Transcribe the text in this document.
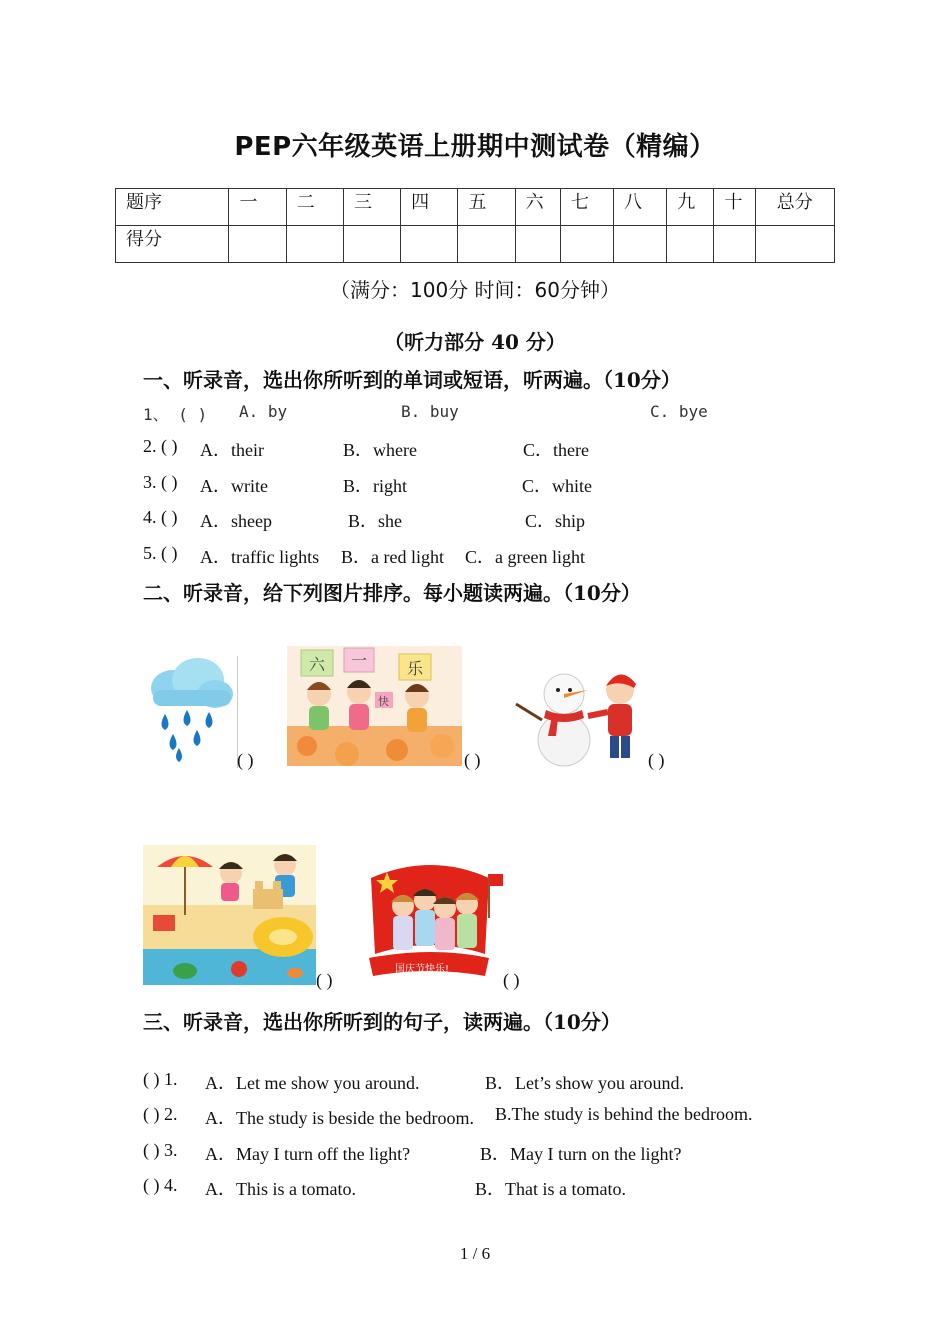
PEP六年级英语上册期中测试卷（精编）
题序	一	二	三	四	五	六	七	八	九	十	总分
得分											
（满分：100分 时间：60分钟）
（听力部分 40 分）
一、听录音，选出你所听到的单词或短语，听两遍。（10分）
1、 ( ) A. by	B. buy	C. bye
2. ( ) A．their	B．where	C．there
3. ( ) A．write	B．right	C．white
4. ( ) A．sheep	B．she	C．ship
5. ( ) A．traffic lights B．a red light C．a green light
二、听录音，给下列图片排序。每小题读两遍。（10分）
( )
六 一 乐
快
( )	( )
( )
国庆节快乐!
( )
三、听录音，选出你所听到的句子，读两遍。（10分）
( ) 1. A．Let me show you around.	B．Let’s show you around.
( ) 2. A．The study is beside the bedroom. B.The study is behind the bedroom.
( ) 3. A．May I turn off the light?	B．May I turn on the light?
( ) 4. A．This is a tomato.	B．That is a tomato.
1 / 6
